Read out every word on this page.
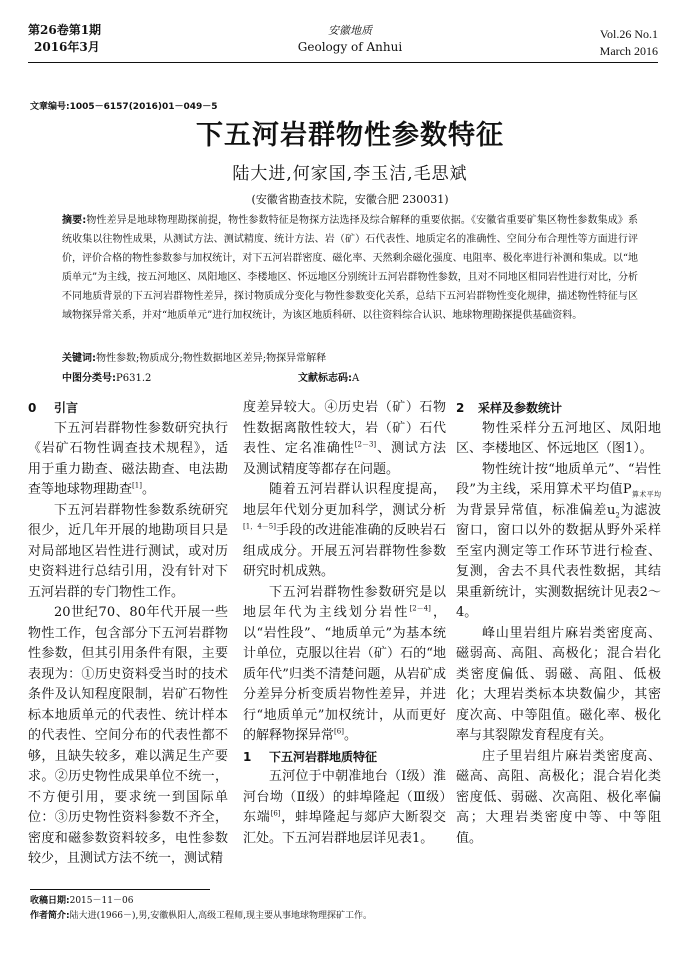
第26卷第1期
2016年3月
安徽地质
Geology of Anhui
Vol.26 No.1
March 2016
文章编号:1005－6157(2016)01－049－5
下五河岩群物性参数特征
陆大进,何家国,李玉洁,毛思斌
(安徽省勘查技术院，安徽合肥 230031)
摘要:物性差异是地球物理勘探前提，物性参数特征是物探方法选择及综合解释的重要依据。《安徽省重要矿集区物性参数集成》系统收集以往物性成果，从测试方法、测试精度、统计方法、岩（矿）石代表性、地质定名的准确性、空间分布合理性等方面进行评价，评价合格的物性参数参与加权统计，对下五河岩群密度、磁化率、天然剩余磁化强度、电阻率、极化率进行补测和集成。以“地质单元”为主线，按五河地区、凤阳地区、李楼地区、怀远地区分别统计五河岩群物性参数，且对不同地区相同岩性进行对比，分析不同地质背景的下五河岩群物性差异，探讨物质成分变化与物性参数变化关系，总结下五河岩群物性变化规律，描述物性特征与区域物探异常关系，并对“地质单元”进行加权统计，为该区地质科研、以往资料综合认识、地球物理勘探提供基础资料。
关键词:物性参数;物质成分;物性数据地区差异;物探异常解释
中图分类号:P631.2	文献标志码:A
0 引言

下五河岩群物性参数研究执行《岩矿石物性调查技术规程》，适用于重力勘查、磁法勘查、电法勘查等地球物理勘查[1]。

下五河岩群物性参数系统研究很少，近几年开展的地勘项目只是对局部地区岩性进行测试，或对历史资料进行总结引用，没有针对下五河岩群的专门物性工作。

20世纪70、80年代开展一些物性工作，包含部分下五河岩群物性参数，但其引用条件有限，主要表现为：①历史资料受当时的技术条件及认知程度限制，岩矿石物性标本地质单元的代表性、统计样本的代表性、空间分布的代表性都不够，且缺失较多，难以满足生产要求。②历史物性成果单位不统一，不方便引用，要求统一到国际单位：③历史物性资料参数不齐全，密度和磁参数资料较多，电性参数较少，且测试方法不统一，测试精

度差异较大。④历史岩（矿）石物性数据离散性较大，岩（矿）石代表性、定名准确性[2－3]、测试方法及测试精度等都存在问题。

随着五河岩群认识程度提高，地层年代划分更加科学，测试分析[1，4－5]手段的改进能准确的反映岩石组成成分。开展五河岩群物性参数研究时机成熟。

下五河岩群物性参数研究是以地层年代为主线划分岩性[2－4]，以“岩性段”、“地质单元”为基本统计单位，克服以往岩（矿）石的“地质年代”归类不清楚问题，从岩矿成分差异分析变质岩物性差异，并进行“地质单元”加权统计，从而更好的解释物探异常[6]。

1 下五河岩群地质特征

五河位于中朝准地台（Ⅰ级）淮河台坳（Ⅱ级）的蚌埠隆起（Ⅲ级）东端[6]，蚌埠隆起与郯庐大断裂交汇处。下五河岩群地层详见表1。

2 采样及参数统计

物性采样分五河地区、凤阳地区、李楼地区、怀远地区（图1）。

物性统计按“地质单元”、“岩性段”为主线，采用算术平均值$P_{算术平均}$为背景异常值，标准偏差$u_2$为滤波窗口，窗口以外的数据从野外采样至室内测定等工作环节进行检查、复测，舍去不具代表性数据，其结果重新统计，实测数据统计见表2～4。

峰山里岩组片麻岩类密度高、磁弱高、高阻、高极化；混合岩化类密度偏低、弱磁、高阻、低极化；大理岩类标本块数偏少，其密度次高、中等阻值。磁化率、极化率与其裂隙发育程度有关。

庄子里岩组片麻岩类密度高、磁高、高阻、高极化；混合岩化类密度低、弱磁、次高阻、极化率偏高；大理岩类密度中等、中等阻值。

收稿日期:2015－11－06
作者简介:陆大进(1966－),男,安徽枞阳人,高级工程师,现主要从事地球物理探矿工作。
